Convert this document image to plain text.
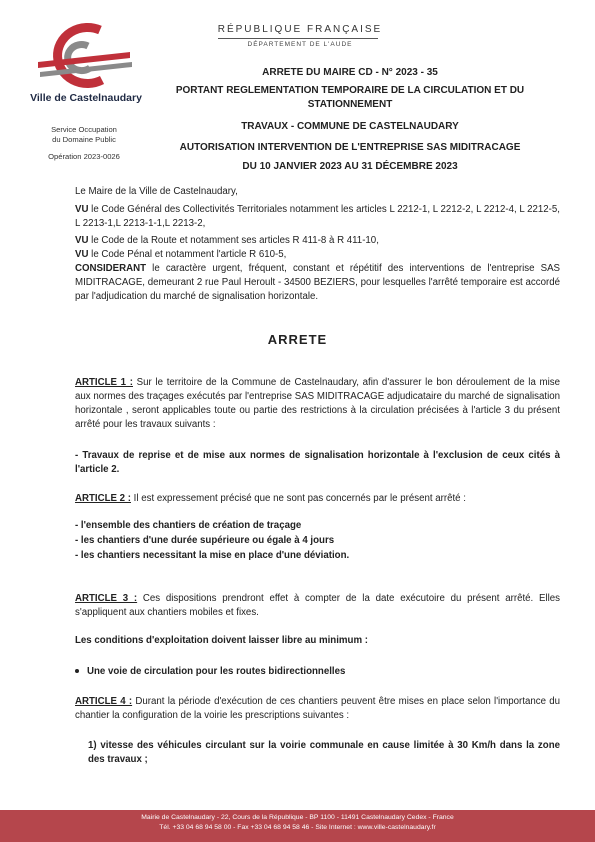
Ville de Castelnaudary
Service Occupation
du Domaine Public
Opération 2023-0026
RÉPUBLIQUE FRANÇAISE
DÉPARTEMENT DE L'AUDE
ARRETE DU MAIRE CD - N° 2023 - 35
PORTANT REGLEMENTATION TEMPORAIRE DE LA CIRCULATION ET DU
STATIONNEMENT
TRAVAUX - COMMUNE DE CASTELNAUDARY
AUTORISATION INTERVENTION DE L'ENTREPRISE SAS MIDITRACAGE
DU 10 JANVIER 2023 AU 31 DÉCEMBRE 2023
Le Maire de la Ville de Castelnaudary,
VU le Code Général des Collectivités Territoriales notamment les articles L 2212-1, L 2212-2, L 2212-4, L 2212-5, L 2213-1,L 2213-1-1,L 2213-2,
VU le Code de la Route et notamment ses articles R 411-8 à R 411-10,
VU le Code Pénal et notamment l'article R 610-5,
CONSIDERANT le caractère urgent, fréquent, constant et répétitif des interventions de l'entreprise SAS MIDITRACAGE, demeurant 2 rue Paul Heroult - 34500 BEZIERS, pour lesquelles l'arrêté temporaire est accordé par l'adjudication du marché de signalisation horizontale.
ARRETE
ARTICLE 1 : Sur le territoire de la Commune de Castelnaudary, afin d'assurer le bon déroulement de la mise aux normes des traçages exécutés par l'entreprise SAS MIDITRACAGE adjudicataire du marché de signalisation horizontale , seront applicables toute ou partie des restrictions à la circulation précisées à l'article 3 du présent arrêté pour les travaux suivants :
- Travaux de reprise et de mise aux normes de signalisation horizontale à l'exclusion de ceux cités à l'article 2.
ARTICLE 2 : Il est expressement précisé que ne sont pas concernés par le présent arrêté :
- l'ensemble des chantiers de création de traçage
- les chantiers d'une durée supérieure ou égale à 4 jours
- les chantiers necessitant la mise en place d'une déviation.
ARTICLE 3 : Ces dispositions prendront effet à compter de la date exécutoire du présent arrêté. Elles s'appliquent aux chantiers mobiles et fixes.
Les conditions d'exploitation doivent laisser libre au minimum :
Une voie de circulation pour les routes bidirectionnelles
ARTICLE 4 : Durant la période d'exécution de ces chantiers peuvent être mises en place selon l'importance du chantier la configuration de la voirie les prescriptions suivantes :
1) vitesse des véhicules circulant sur la voirie communale en cause limitée à 30 Km/h dans la zone des travaux ;
Mairie de Castelnaudary - 22, Cours de la République - BP 1100 - 11491 Castelnaudary Cedex - France
Tél. +33 04 68 94 58 00 - Fax +33 04 68 94 58 46 - Site Internet : www.ville-castelnaudary.fr
